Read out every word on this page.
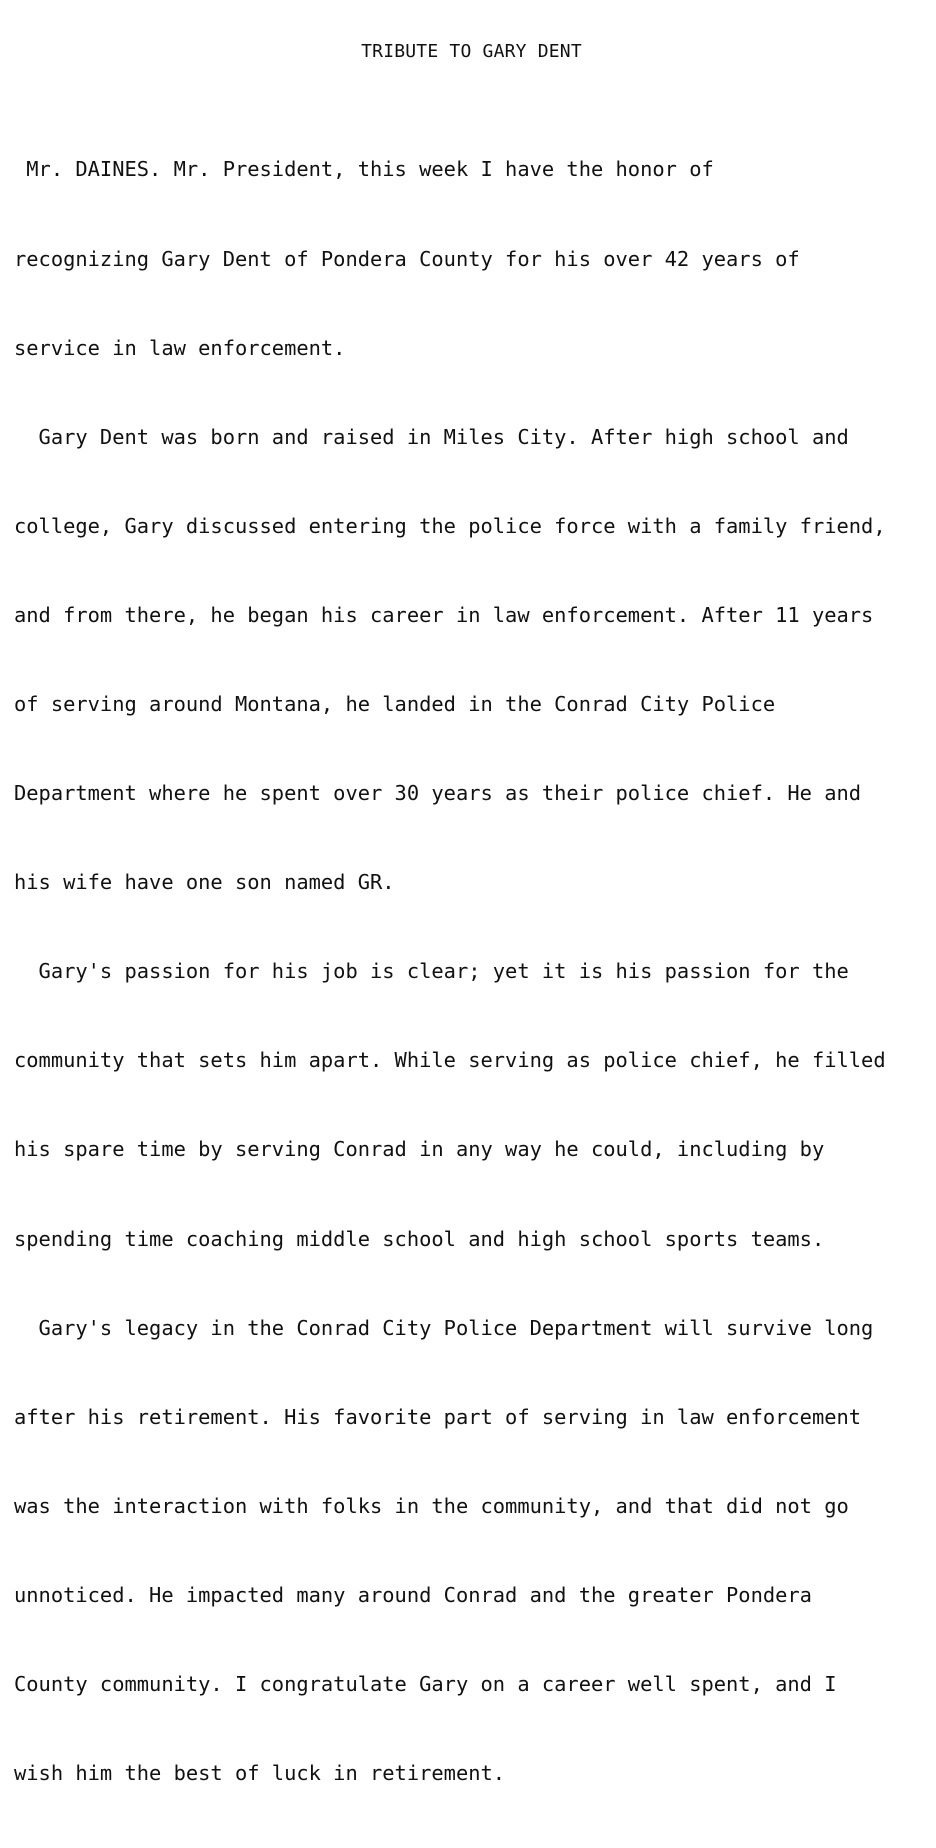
TRIBUTE TO GARY DENT

Mr. DAINES. Mr. President, this week I have the honor of

recognizing Gary Dent of Pondera County for his over 42 years of

service in law enforcement.

Gary Dent was born and raised in Miles City. After high school and

college, Gary discussed entering the police force with a family friend,

and from there, he began his career in law enforcement. After 11 years

of serving around Montana, he landed in the Conrad City Police

Department where he spent over 30 years as their police chief. He and

his wife have one son named GR.

Gary's passion for his job is clear; yet it is his passion for the

community that sets him apart. While serving as police chief, he filled

his spare time by serving Conrad in any way he could, including by

spending time coaching middle school and high school sports teams.

Gary's legacy in the Conrad City Police Department will survive long

after his retirement. His favorite part of serving in law enforcement

was the interaction with folks in the community, and that did not go

unnoticed. He impacted many around Conrad and the greater Pondera

County community. I congratulate Gary on a career well spent, and I

wish him the best of luck in retirement.
